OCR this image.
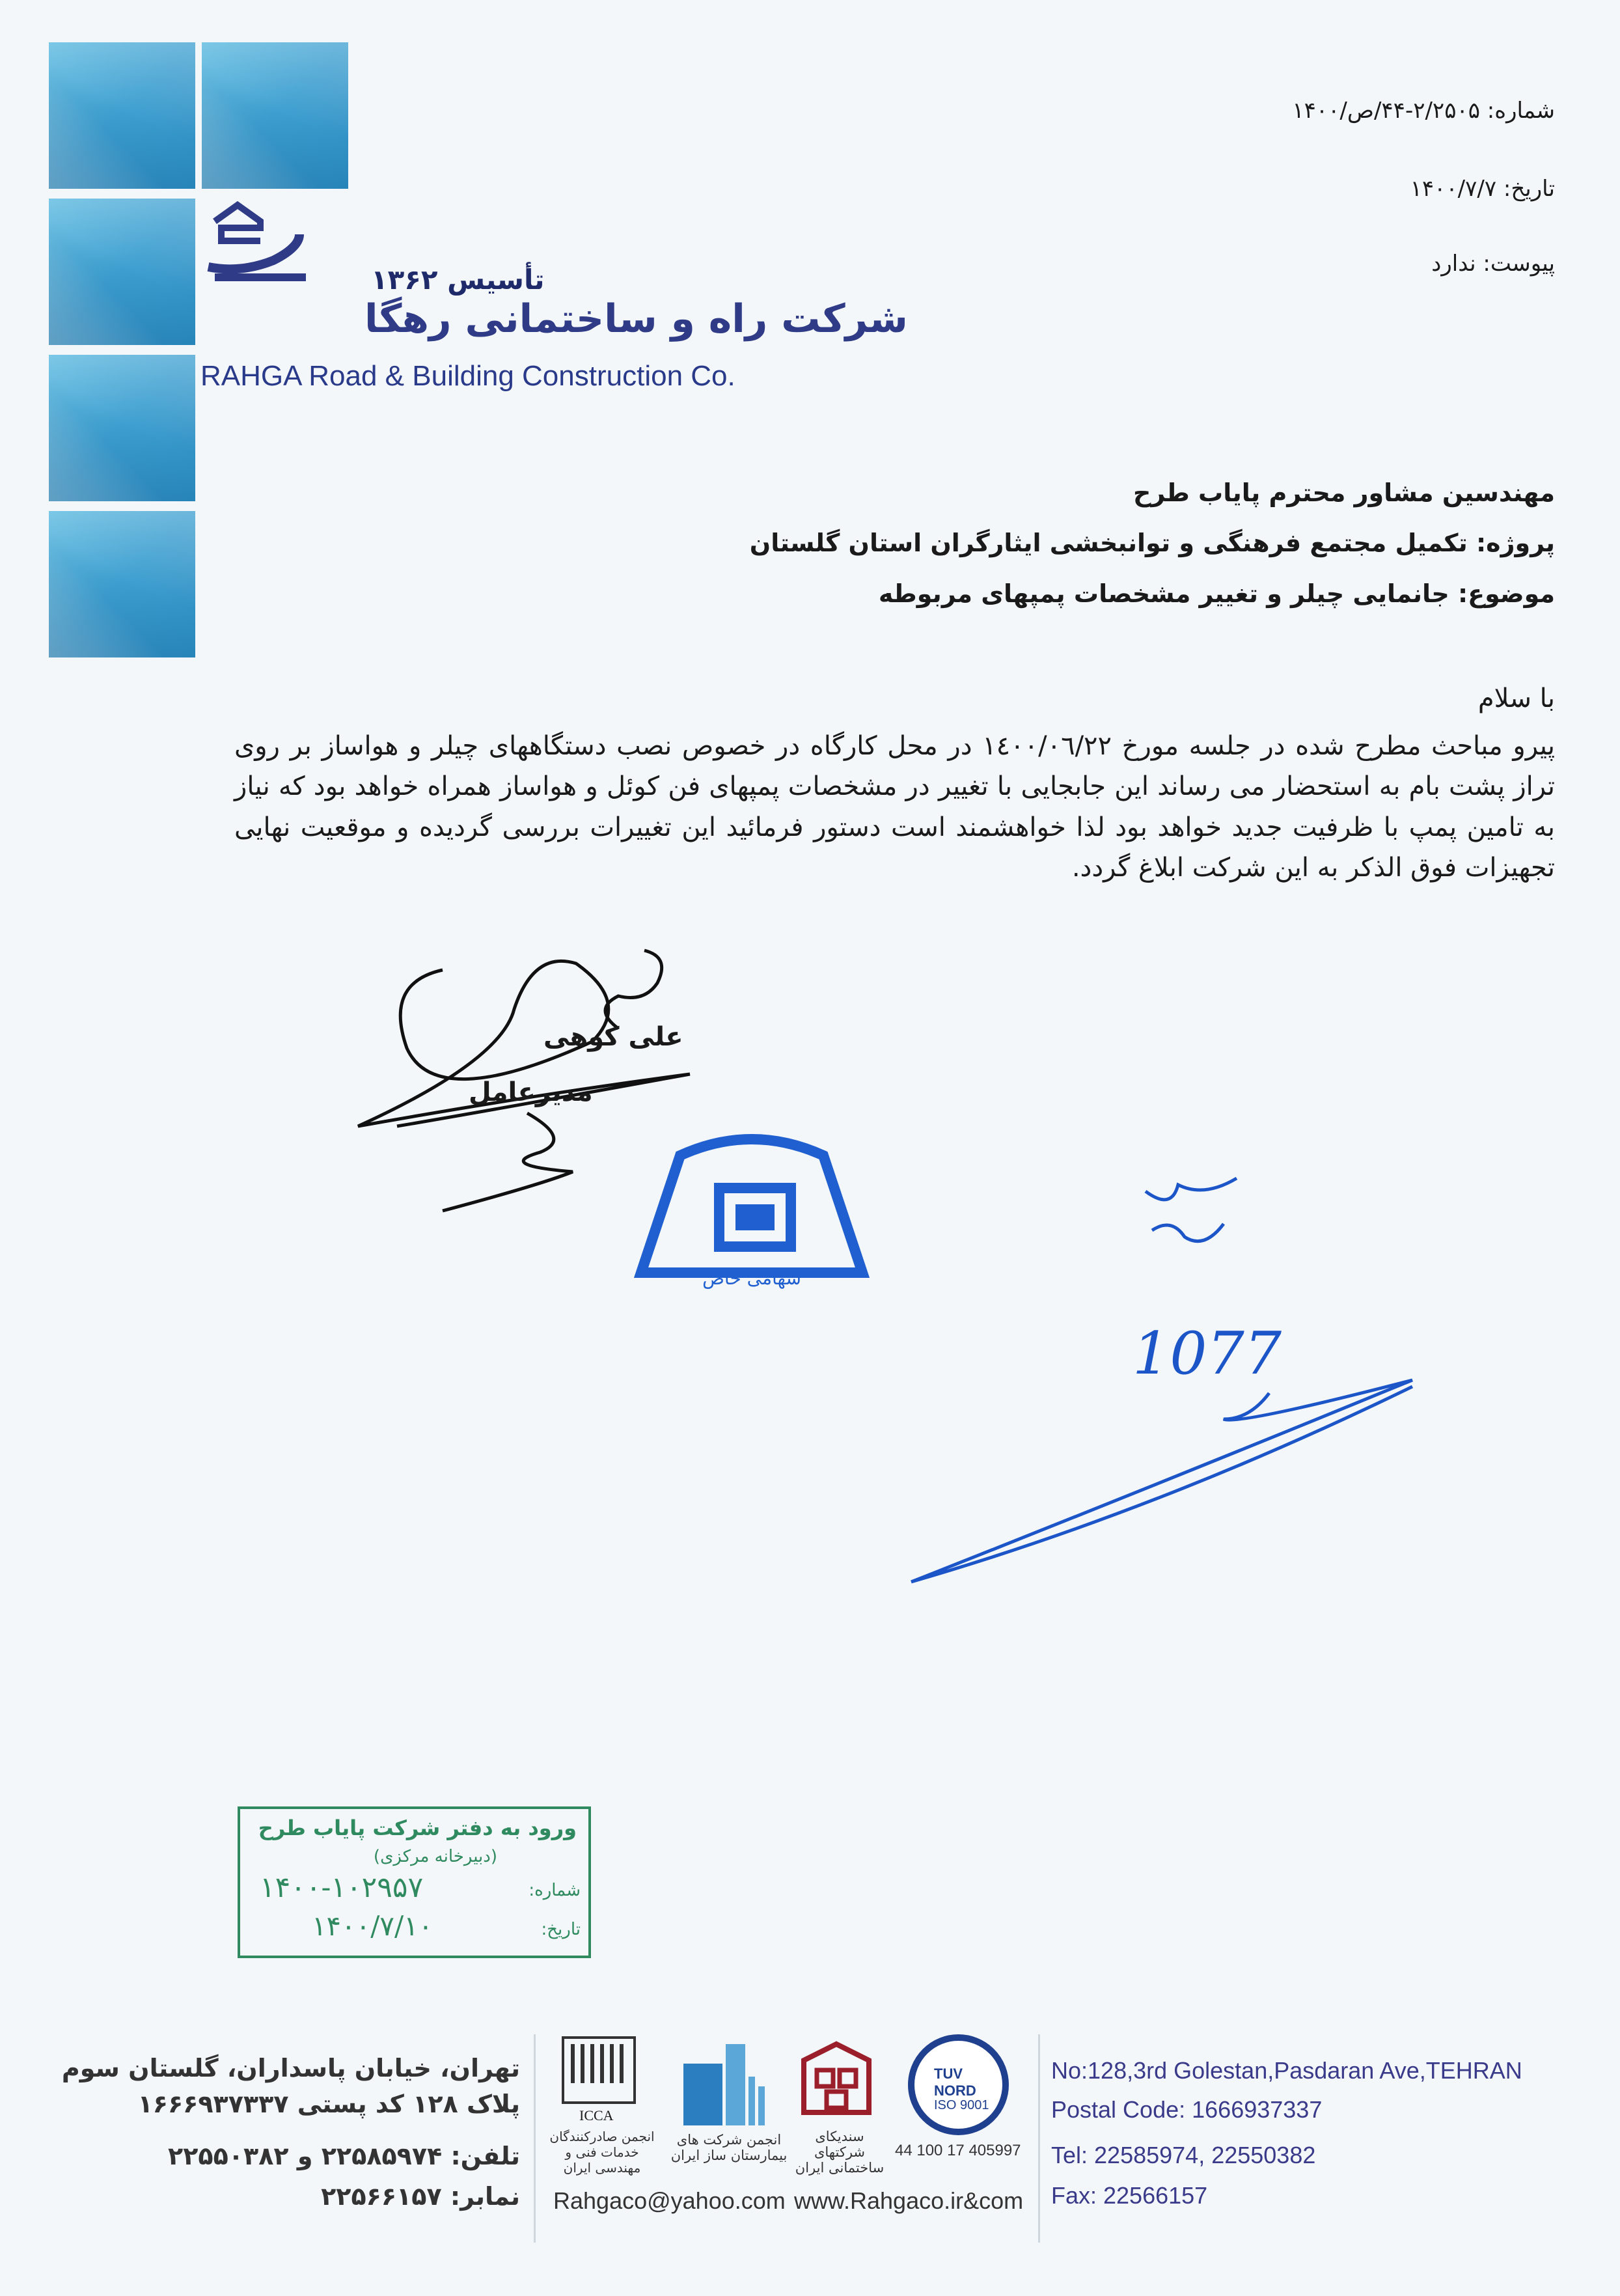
تأسیس ۱۳۶۲
شرکت راه و ساختمانی رهگا
RAHGA Road & Building Construction Co.
شماره: ۲/۲۵۰۵-۴۴/ص/۱۴۰۰
تاریخ: ۱۴۰۰/۷/۷
پیوست: ندارد
مهندسین مشاور محترم پایاب طرح
پروژه: تکمیل مجتمع فرهنگی و توانبخشی ایثارگران استان گلستان
موضوع: جانمایی چیلر و تغییر مشخصات پمپهای مربوطه
با سلام
پیرو مباحث مطرح شده در جلسه مورخ ۱٤۰۰/۰٦/۲۲ در محل کارگاه در خصوص نصب دستگاههای چیلر و هواساز بر روی تراز پشت بام به استحضار می رساند این جابجایی با تغییر در مشخصات پمپهای فن کوئل و هواساز همراه خواهد بود که نیاز به تامین پمپ با ظرفیت جدید خواهد بود لذا خواهشمند است دستور فرمائید این تغییرات بررسی گردیده و موقعیت نهایی تجهیزات فوق الذکر به این شرکت ابلاغ گردد.
علی کوهی
مدیرعامل
سهامی خاص
1077
ورود به دفتر شرکت پایاب طرح
(دبیرخانه مرکزی)
شماره:
تاریخ:
۱۴۰۰-۱۰۲۹۵۷
۱۴۰۰/۷/۱۰
تهران، خیابان پاسداران، گلستان سوم
پلاک ۱۲۸ کد پستی ۱۶۶۶۹۳۷۳۳۷
تلفن: ۲۲۵۸۵۹۷۴ و ۲۲۵۵۰۳۸۲
نمابر: ۲۲۵۶۶۱۵۷
ICCA
انجمن صادرکنندگان خدمات فنی و مهندسی ایران
انجمن شرکت های بیمارستان ساز ایران
سندیکای شرکتهای ساختمانی ایران
TUV NORD
ISO 9001
44 100 17 405997
Rahgaco@yahoo.com www.Rahgaco.ir&com
No:128,3rd Golestan,Pasdaran Ave,TEHRAN
Postal Code: 1666937337
Tel: 22585974, 22550382
Fax: 22566157
